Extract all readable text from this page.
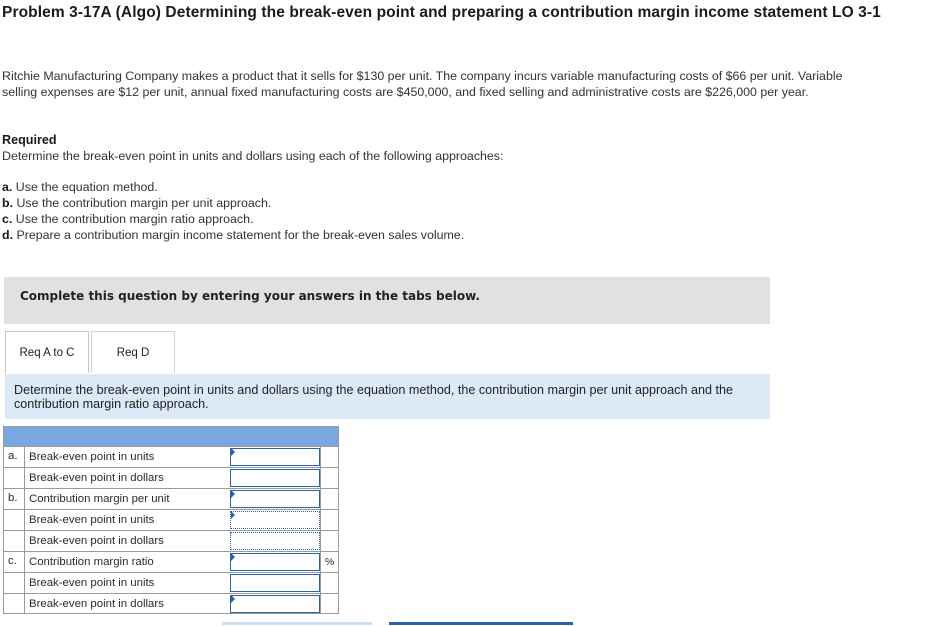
Problem 3-17A (Algo) Determining the break-even point and preparing a contribution margin income statement LO 3-1
Ritchie Manufacturing Company makes a product that it sells for $130 per unit. The company incurs variable manufacturing costs of $66 per unit. Variable selling expenses are $12 per unit, annual fixed manufacturing costs are $450,000, and fixed selling and administrative costs are $226,000 per year.
Required
Determine the break-even point in units and dollars using each of the following approaches:
a. Use the equation method.
b. Use the contribution margin per unit approach.
c. Use the contribution margin ratio approach.
d. Prepare a contribution margin income statement for the break-even sales volume.
Complete this question by entering your answers in the tabs below.
Req A to C	Req D
Determine the break-even point in units and dollars using the equation method, the contribution margin per unit approach and the contribution margin ratio approach.
a.	Break-even point in units
Break-even point in dollars
b.	Contribution margin per unit
Break-even point in units
Break-even point in dollars
c.	Contribution margin ratio	%
Break-even point in units
Break-even point in dollars
